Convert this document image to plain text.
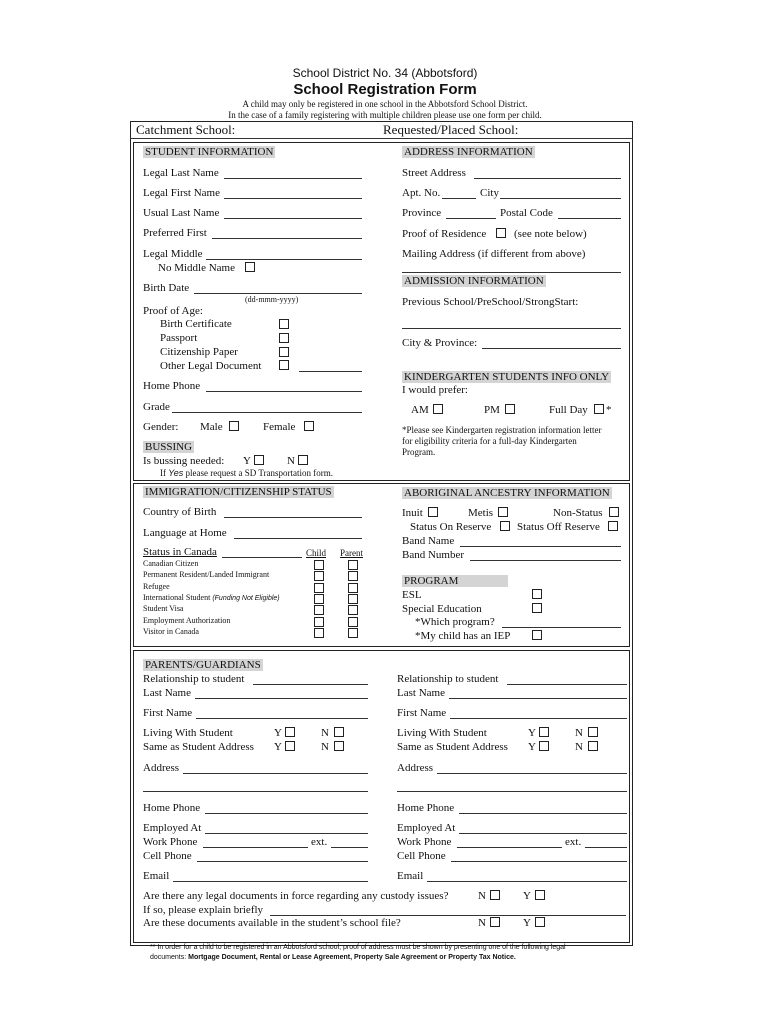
School District No. 34 (Abbotsford)
School Registration Form
A child may only be registered in one school in the Abbotsford School District.
In the case of a family registering with multiple children please use one form per child.
Catchment School:	Requested/Placed School:
STUDENT INFORMATION
Legal Last Name
Legal First Name
Usual Last Name
Preferred First
Legal Middle
No Middle Name
Birth Date
(dd-mmm-yyyy)
Proof of Age:
Birth Certificate
Passport
Citizenship Paper
Other Legal Document
Home Phone
Grade
Gender: Male	Female
BUSSING
Is bussing needed: Y	N
If Yes please request a SD Transportation form.
ADDRESS INFORMATION
Street Address
Apt. No.	City
Province	Postal Code
Proof of Residence	(see note below)
Mailing Address (if different from above)
ADMISSION INFORMATION
Previous School/PreSchool/StrongStart:
City & Province:
KINDERGARTEN STUDENTS INFO ONLY
I would prefer:
AM	PM	Full Day *
*Please see Kindergarten registration information letter
for eligibility criteria for a full-day Kindergarten
Program.
IMMIGRATION/CITIZENSHIP STATUS
Country of Birth
Language at Home
Status in Canada	Child Parent
Canadian Citizen
Permanent Resident/Landed Immigrant
Refugee
International Student (Funding Not Eligible)
Student Visa
Employment Authorization
Visitor in Canada
ABORIGINAL ANCESTRY INFORMATION
Inuit	Metis	Non-Status
Status On Reserve Status Off Reserve
Band Name
Band Number
PROGRAM
ESL
Special Education
*Which program?
*My child has an IEP
PARENTS/GUARDIANS
Relationship to student
Last Name
First Name
Living With Student	Y	N
Same as Student Address Y	N
Address
Home Phone
Employed At
Work Phone	ext.
Cell Phone
Email
Relationship to student
Last Name
First Name
Living With Student	Y	N
Same as Student Address Y	N
Address
Home Phone
Employed At
Work Phone	ext.
Cell Phone
Email
Are there any legal documents in force regarding any custody issues?	N	Y
If so, please explain briefly
Are these documents available in the student’s school file?	N	Y
** In order for a child to be registered in an Abbotsford school, proof of address must be shown by presenting one of the following legal
documents: Mortgage Document, Rental or Lease Agreement, Property Sale Agreement or Property Tax Notice.
